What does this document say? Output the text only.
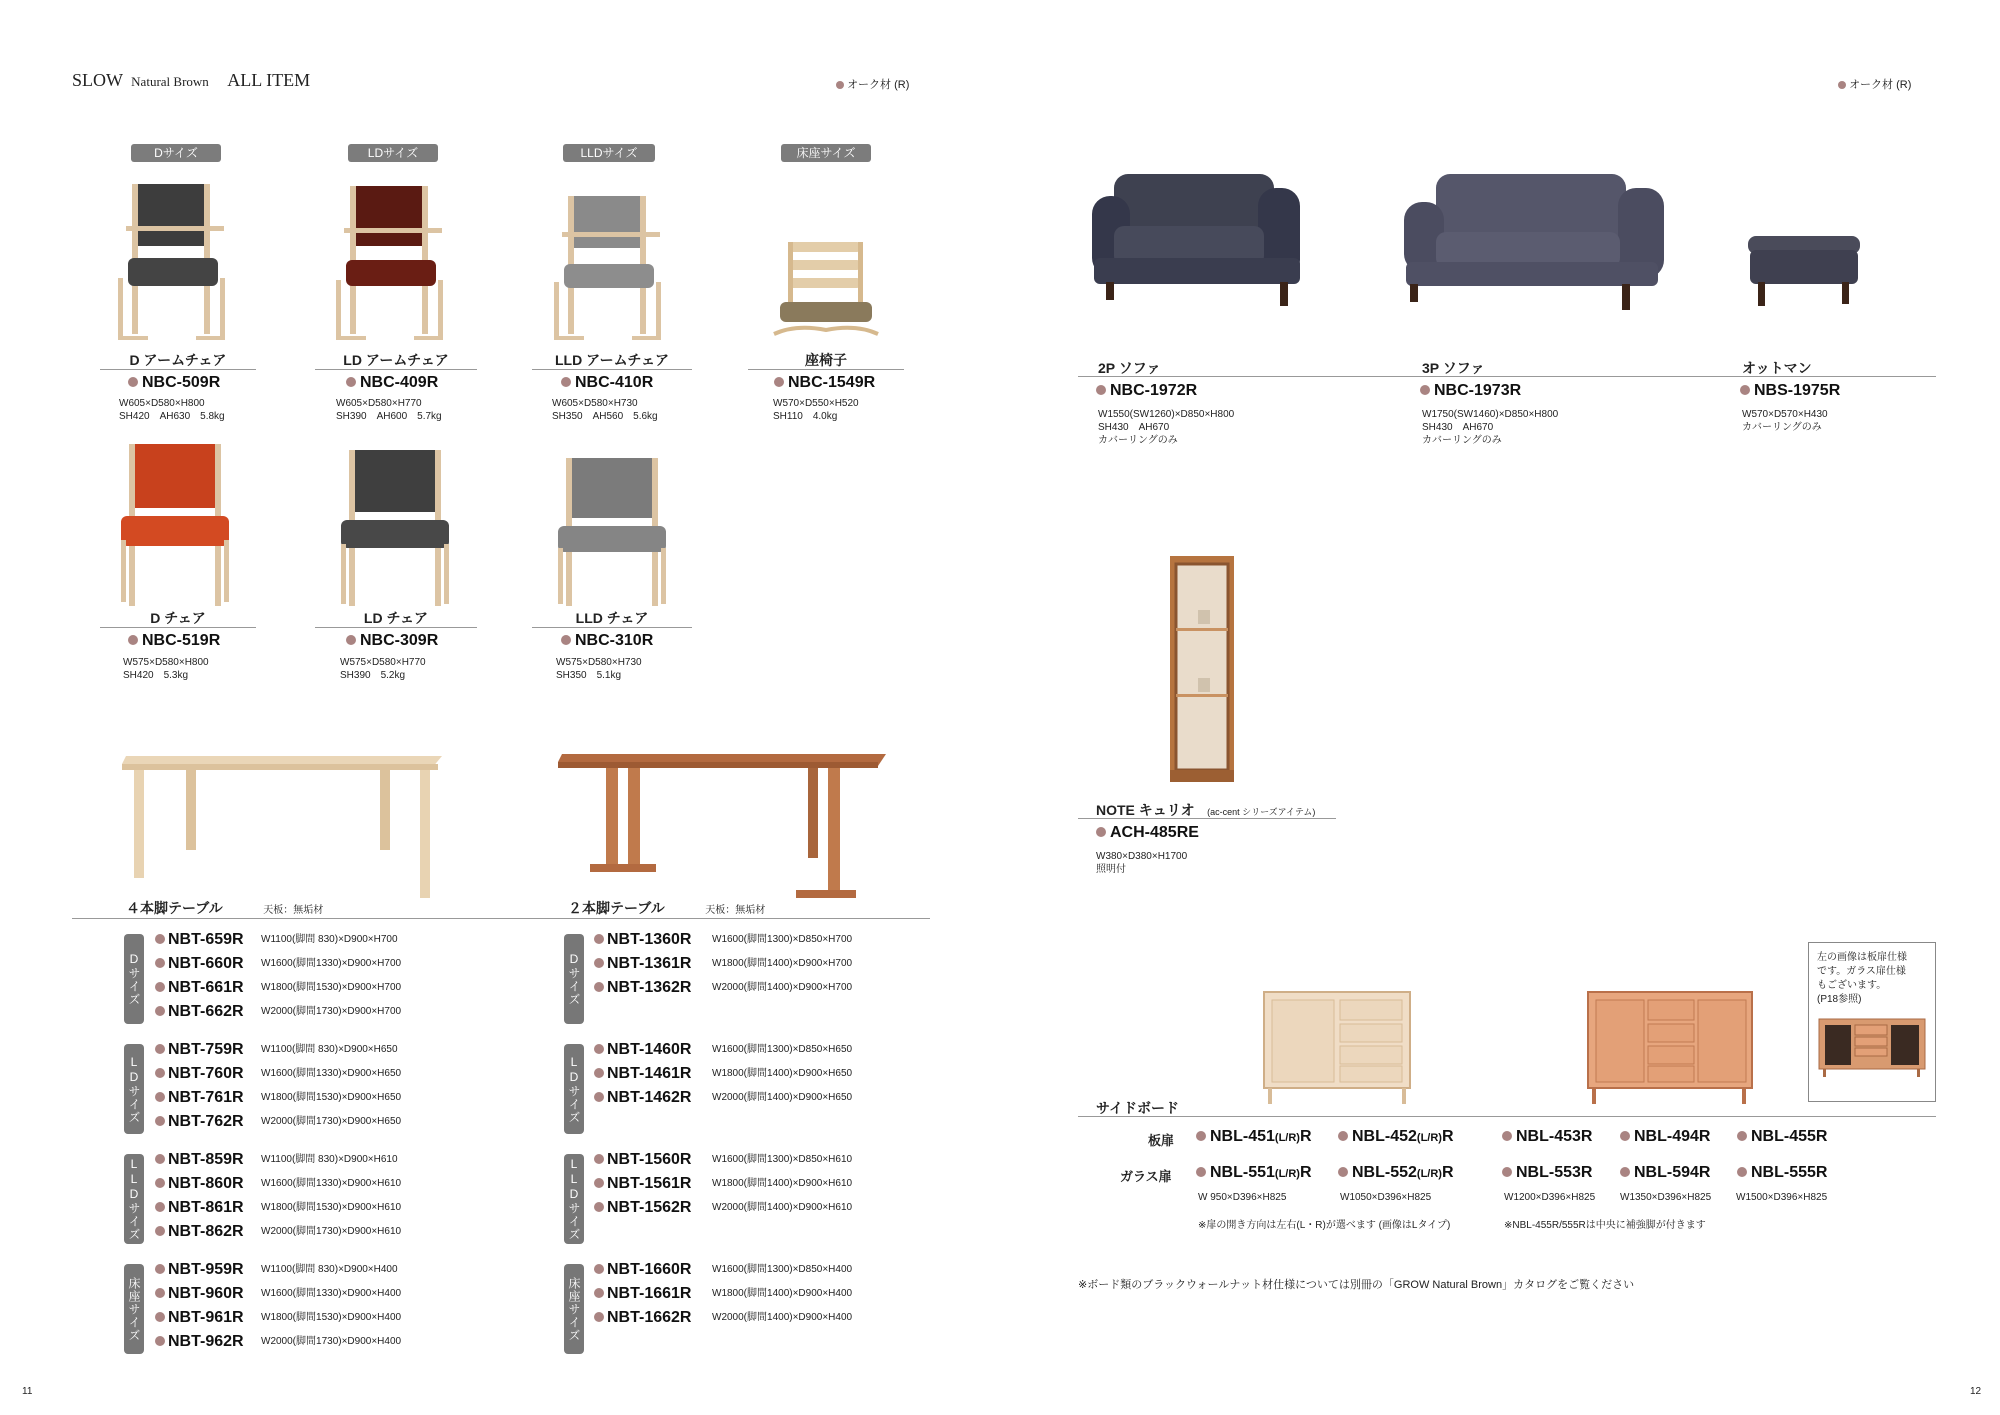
SLOW Natural Brown ALL ITEM	オーク材 (R)	オーク材 (R)
Dサイズ	LDサイズ	LLDサイズ	床座サイズ
D アームチェア
NBC-509R
W605×D580×H800
SH420　AH630　5.8kg
LD アームチェア
NBC-409R
W605×D580×H770
SH390　AH600　5.7kg
LLD アームチェア
NBC-410R
W605×D580×H730
SH350　AH560　5.6kg
座椅子
NBC-1549R
W570×D550×H520
SH110　4.0kg
D チェア
NBC-519R
W575×D580×H800
SH420　5.3kg
LD チェア
NBC-309R
W575×D580×H770
SH390　5.2kg
LLD チェア
NBC-310R
W575×D580×H730
SH350　5.1kg
４本脚テーブル	天板：無垢材	２本脚テーブル	天板：無垢材
Dサイズ	Dサイズ
NBT-659R W1100(脚間 830)×D900×H700
NBT-660R W1600(脚間1330)×D900×H700
NBT-661R W1800(脚間1530)×D900×H700
NBT-662R W2000(脚間1730)×D900×H700
NBT-1360R W1600(脚間1300)×D850×H700
NBT-1361R W1800(脚間1400)×D900×H700
NBT-1362R W2000(脚間1400)×D900×H700
LDサイズ	LDサイズ
NBT-759R W1100(脚間 830)×D900×H650
NBT-760R W1600(脚間1330)×D900×H650
NBT-761R W1800(脚間1530)×D900×H650
NBT-762R W2000(脚間1730)×D900×H650
NBT-1460R W1600(脚間1300)×D850×H650
NBT-1461R W1800(脚間1400)×D900×H650
NBT-1462R W2000(脚間1400)×D900×H650
LLDサイズ	LLDサイズ
NBT-859R W1100(脚間 830)×D900×H610
NBT-860R W1600(脚間1330)×D900×H610
NBT-861R W1800(脚間1530)×D900×H610
NBT-862R W2000(脚間1730)×D900×H610
NBT-1560R W1600(脚間1300)×D850×H610
NBT-1561R W1800(脚間1400)×D900×H610
NBT-1562R W2000(脚間1400)×D900×H610
床座サイズ	床座サイズ
NBT-959R W1100(脚間 830)×D900×H400
NBT-960R W1600(脚間1330)×D900×H400
NBT-961R W1800(脚間1530)×D900×H400
NBT-962R W2000(脚間1730)×D900×H400
NBT-1660R W1600(脚間1300)×D850×H400
NBT-1661R W1800(脚間1400)×D900×H400
NBT-1662R W2000(脚間1400)×D900×H400
2P ソファ	3P ソファ	オットマン
NBC-1972R
W1550(SW1260)×D850×H800
SH430　AH670
カバーリングのみ
NBC-1973R
W1750(SW1460)×D850×H800
SH430　AH670
カバーリングのみ
NBS-1975R
W570×D570×H430
カバーリングのみ
NOTE キュリオ (ac-cent シリーズアイテム)
ACH-485RE
W380×D380×H1700
照明付
左の画像は板扉仕様
です。ガラス扉仕様
もございます。
(P18参照)
サイドボード
板扉
ガラス扉
NBL-451(L/R)R	NBL-452(L/R)R	NBL-453R	NBL-494R	NBL-455R
NBL-551(L/R)R	NBL-552(L/R)R	NBL-553R	NBL-594R	NBL-555R
W 950×D396×H825	W1050×D396×H825	W1200×D396×H825 W1350×D396×H825 W1500×D396×H825
※扉の開き方向は左右(L・R)が選べます (画像はLタイプ)	※NBL-455R/555Rは中央に補強脚が付きます
※ボード類のブラックウォールナット材仕様については別冊の「GROW Natural Brown」カタログをご覧ください
11	12
